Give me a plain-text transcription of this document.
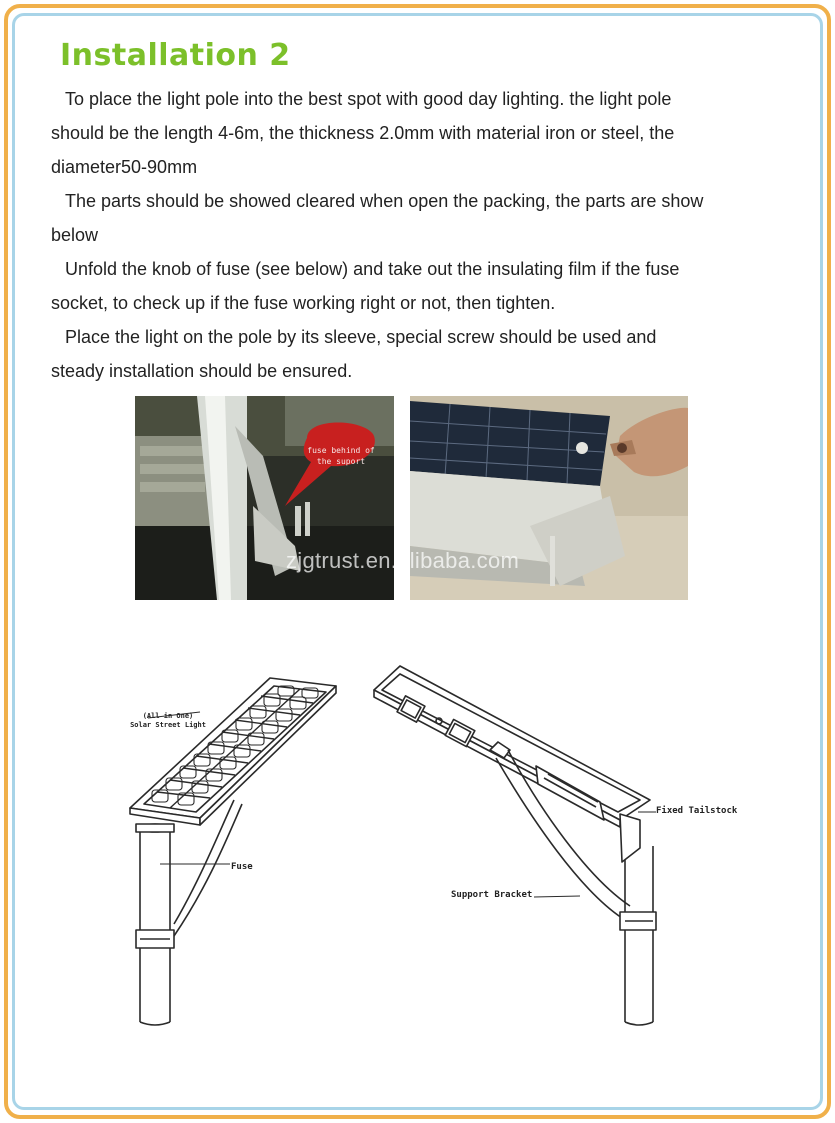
Installation 2

To place the light pole into the best spot with good day lighting. the light pole should be the length 4-6m, the thickness 2.0mm with material iron or steel, the diameter50-90mm

The parts should be showed cleared when open the packing, the parts are show below

Unfold the knob of fuse (see below) and take out the insulating film if the fuse socket, to check up if the fuse working right or not, then tighten.

Place the light on the pole by its sleeve, special screw should be used and steady installation should be ensured.

fuse behind of
the suport
zjgtrust.en.alibaba.com
(All in One)
Solar Street Light
Fuse
Support Bracket
Fixed Tailstock
